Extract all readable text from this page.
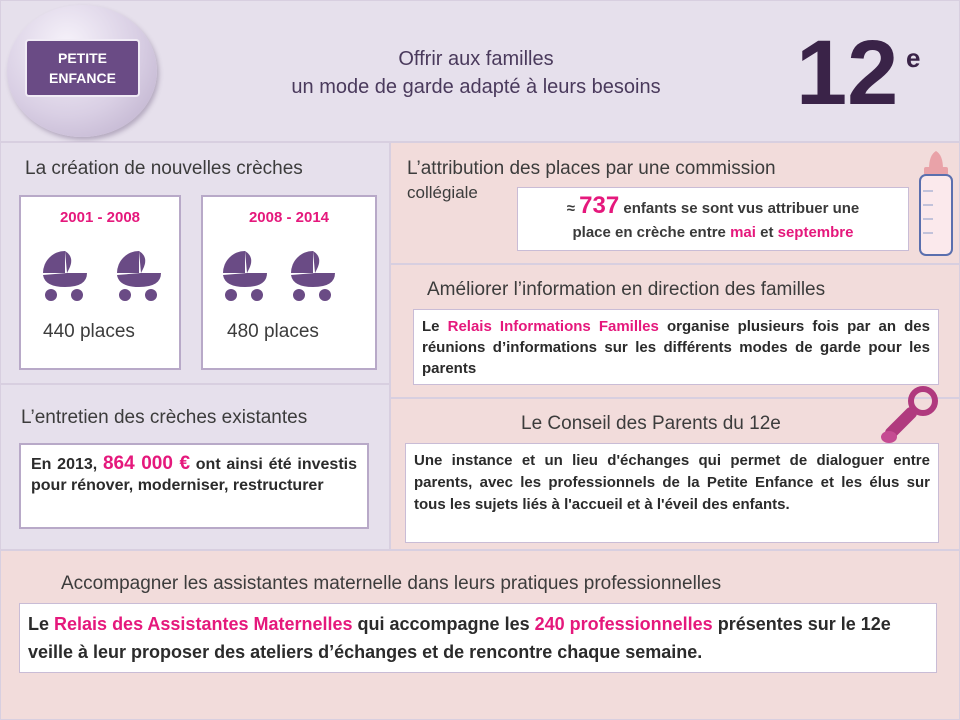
PETITE
ENFANCE
Offrir aux familles
un mode de garde adapté à leurs besoins	12 e
La création de nouvelles crèches
2001 - 2008
440 places
2008 - 2014
480 places
L’entretien des crèches existantes
En 2013, 864 000 € ont ainsi été investis pour rénover, moderniser, restructurer
L’attribution des places par une commission
collégiale
≈ 737 enfants se sont vus attribuer une
place en crèche entre mai et septembre
Améliorer l’information en direction des familles
Le Relais Informations Familles organise plusieurs fois par an des réunions d’informations sur les différents modes de garde pour les parents
Le Conseil des Parents du 12e
Une instance et un lieu d'échanges qui permet de dialoguer entre parents, avec les professionnels de la Petite Enfance et les élus sur tous les sujets liés à l'accueil et à l'éveil des enfants.
Accompagner les assistantes maternelle dans leurs pratiques professionnelles
Le Relais des Assistantes Maternelles qui accompagne les 240 professionnelles présentes sur le 12e veille à leur proposer des ateliers d’échanges et de rencontre chaque semaine.
